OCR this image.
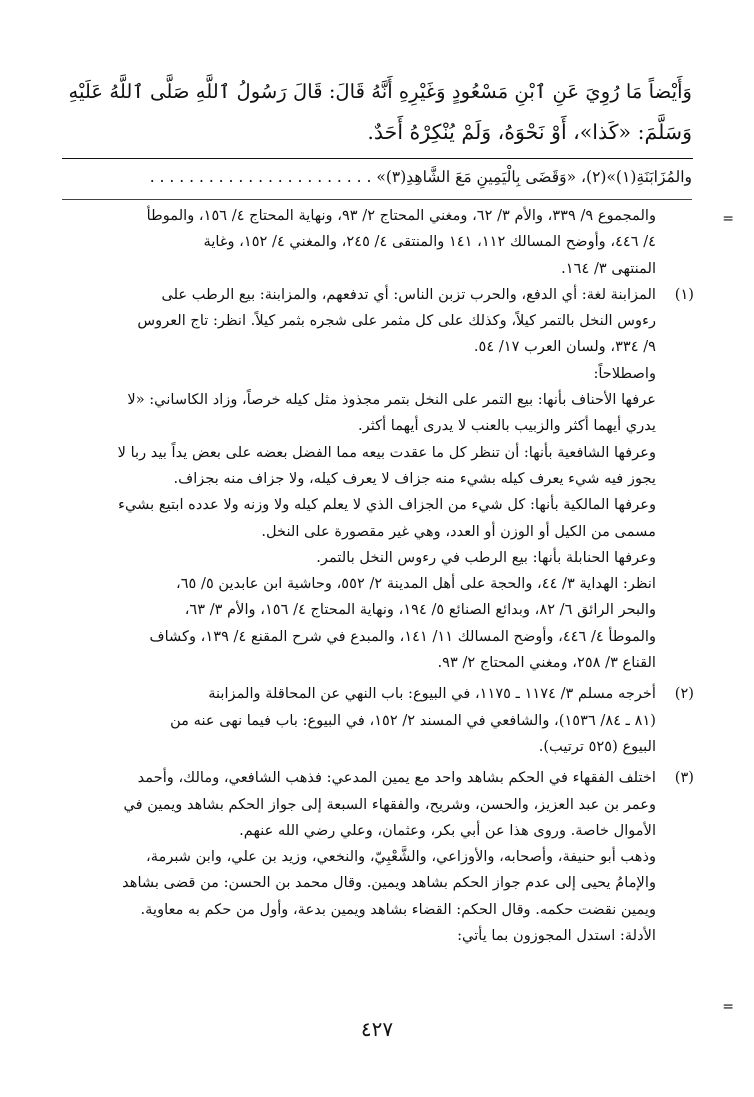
وَأَيْضاً مَا رُوِيَ عَنِ ٱبْنِ مَسْعُودٍ وَغَيْرِهِ أَنَّهُ قَالَ: قَالَ رَسُولُ ٱللَّهِ صَلَّى ٱللَّهُ عَلَيْهِ
وَسَلَّمَ: «كَذا»، أَوْ نَحْوَهُ، وَلَمْ يُنْكِرْهُ أَحَدٌ.
والمُزَابَنَةِ(١)»(٢)، «وَقَضَى بِالْيَمِينِ مَعَ الشَّاهِدِ(٣)» . . . . . . . . . . . . . . . . . . . . . . .
=
=
والمجموع ٩/ ٣٣٩، والأم ٣/ ٦٢، ومغني المحتاج ٢/ ٩٣، ونهاية المحتاج ٤/ ١٥٦، والموطأ
٤/ ٤٤٦، وأوضح المسالك ١١٢، ١٤١ والمنتقى ٤/ ٢٤٥، والمغني ٤/ ١٥٢، وغاية
المنتهى ٣/ ١٦٤.
(١)
المزابنة لغة: أي الدفع، والحرب تزبن الناس: أي تدفعهم، والمزابنة: بيع الرطب على
رءوس النخل بالتمر كيلاً، وكذلك على كل مثمر على شجره بثمر كيلاً. انظر: تاج العروس
٩/ ٣٣٤، ولسان العرب ١٧/ ٥٤.
واصطلاحاً:
عرفها الأحناف بأنها: بيع التمر على النخل بتمر مجذوذ مثل كيله خرصاً، وزاد الكاساني: «لا
يدري أيهما أكثر والزبيب بالعنب لا يدرى أيهما أكثر.
وعرفها الشافعية بأنها: أن تنظر كل ما عقدت بيعه مما الفضل بعضه على بعض يداً بيد ربا لا
يجوز فيه شيء يعرف كيله بشيء منه جزاف لا يعرف كيله، ولا جزاف منه بجزاف.
وعرفها المالكية بأنها: كل شيء من الجزاف الذي لا يعلم كيله ولا وزنه ولا عدده ابتيع بشيء
مسمى من الكيل أو الوزن أو العدد، وهي غير مقصورة على النخل.
وعرفها الحنابلة بأنها: بيع الرطب في رءوس النخل بالتمر.
انظر: الهداية ٣/ ٤٤، والحجة على أهل المدينة ٢/ ٥٥٢، وحاشية ابن عابدين ٥/ ٦٥،
والبحر الرائق ٦/ ٨٢، وبدائع الصنائع ٥/ ١٩٤، ونهاية المحتاج ٤/ ١٥٦، والأم ٣/ ٦٣،
والموطأ ٤/ ٤٤٦، وأوضح المسالك ١١/ ١٤١، والمبدع في شرح المقنع ٤/ ١٣٩، وكشاف
القناع ٣/ ٢٥٨، ومغني المحتاج ٢/ ٩٣.
(٢)
أخرجه مسلم ٣/ ١١٧٤ ـ ١١٧٥، في البيوع: باب النهي عن المحاقلة والمزابنة
(٨١ ـ ٨٤/ ١٥٣٦)، والشافعي في المسند ٢/ ١٥٢، في البيوع: باب فيما نهى عنه من
البيوع (٥٢٥ ترتيب).
(٣)
اختلف الفقهاء في الحكم بشاهد واحد مع يمين المدعي: فذهب الشافعي، ومالك، وأحمد
وعمر بن عبد العزيز، والحسن، وشريح، والفقهاء السبعة إلى جواز الحكم بشاهد ويمين في
الأموال خاصة. وروى هذا عن أبي بكر، وعثمان، وعلي رضي الله عنهم.
وذهب أبو حنيفة، وأصحابه، والأوزاعي، والشَّعْبِيّ، والنخعي، وزيد بن علي، وابن شبرمة،
والإمامُ يحيى إلى عدم جواز الحكم بشاهد ويمين. وقال محمد بن الحسن: من قضى بشاهد
ويمين نقضت حكمه. وقال الحكم: القضاء بشاهد ويمين بدعة، وأول من حكم به معاوية.
الأدلة: استدل المجوزون بما يأتي:
٤٢٧
